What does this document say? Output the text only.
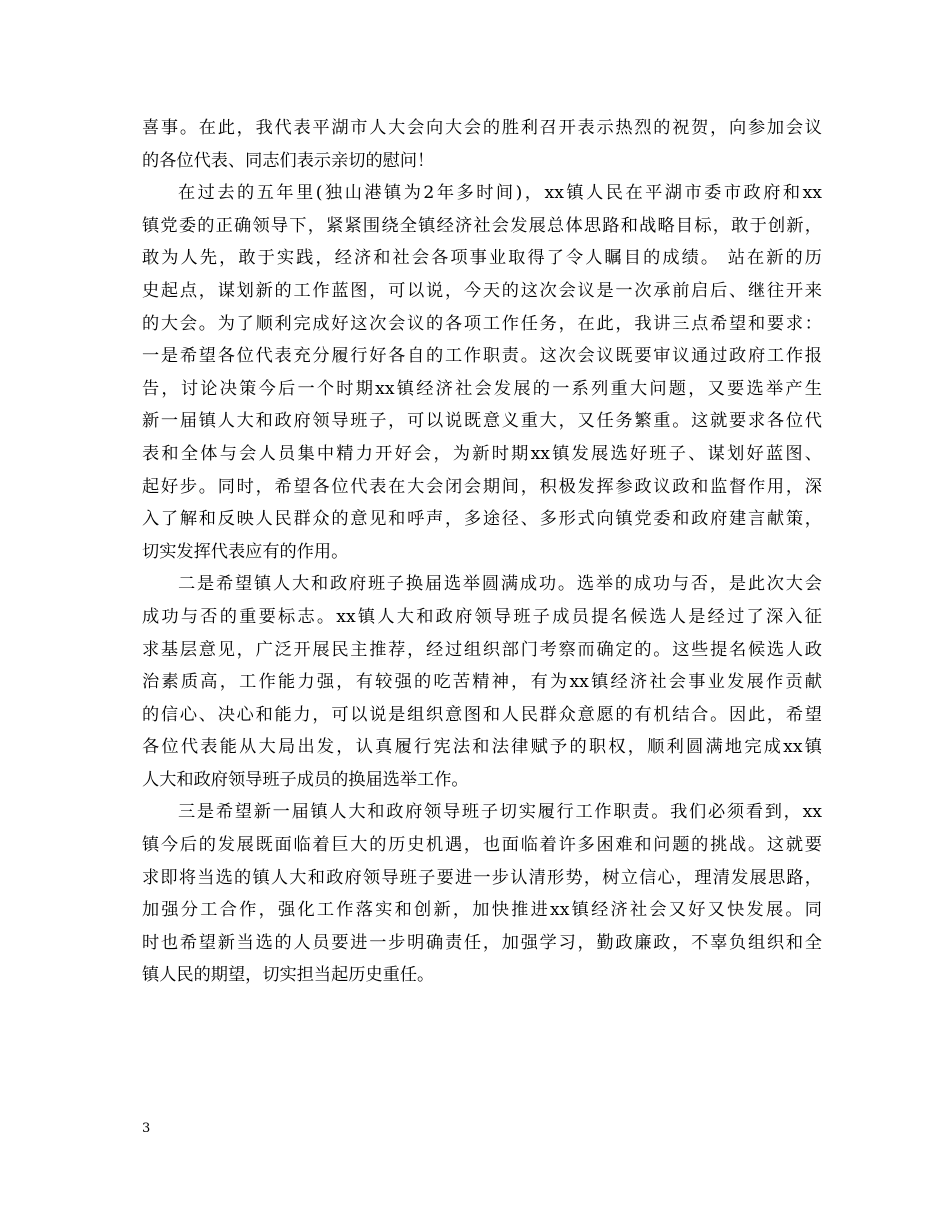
喜事。在此，我代表平湖市人大会向大会的胜利召开表示热烈的祝贺，向参加会议
的各位代表、同志们表示亲切的慰问！
在过去的五年里(独山港镇为2年多时间)，xx镇人民在平湖市委市政府和xx
镇党委的正确领导下，紧紧围绕全镇经济社会发展总体思路和战略目标，敢于创新，
敢为人先，敢于实践，经济和社会各项事业取得了令人瞩目的成绩。 站在新的历
史起点，谋划新的工作蓝图，可以说，今天的这次会议是一次承前启后、继往开来
的大会。为了顺利完成好这次会议的各项工作任务，在此，我讲三点希望和要求：
一是希望各位代表充分履行好各自的工作职责。这次会议既要审议通过政府工作报
告，讨论决策今后一个时期xx镇经济社会发展的一系列重大问题，又要选举产生
新一届镇人大和政府领导班子，可以说既意义重大，又任务繁重。这就要求各位代
表和全体与会人员集中精力开好会，为新时期xx镇发展选好班子、谋划好蓝图、
起好步。同时，希望各位代表在大会闭会期间，积极发挥参政议政和监督作用，深
入了解和反映人民群众的意见和呼声，多途径、多形式向镇党委和政府建言献策，
切实发挥代表应有的作用。
二是希望镇人大和政府班子换届选举圆满成功。选举的成功与否，是此次大会
成功与否的重要标志。xx镇人大和政府领导班子成员提名候选人是经过了深入征
求基层意见，广泛开展民主推荐，经过组织部门考察而确定的。这些提名候选人政
治素质高，工作能力强，有较强的吃苦精神，有为xx镇经济社会事业发展作贡献
的信心、决心和能力，可以说是组织意图和人民群众意愿的有机结合。因此，希望
各位代表能从大局出发，认真履行宪法和法律赋予的职权，顺利圆满地完成xx镇
人大和政府领导班子成员的换届选举工作。
三是希望新一届镇人大和政府领导班子切实履行工作职责。我们必须看到，xx
镇今后的发展既面临着巨大的历史机遇，也面临着许多困难和问题的挑战。这就要
求即将当选的镇人大和政府领导班子要进一步认清形势，树立信心，理清发展思路，
加强分工合作，强化工作落实和创新，加快推进xx镇经济社会又好又快发展。同
时也希望新当选的人员要进一步明确责任，加强学习，勤政廉政，不辜负组织和全
镇人民的期望，切实担当起历史重任。
3
